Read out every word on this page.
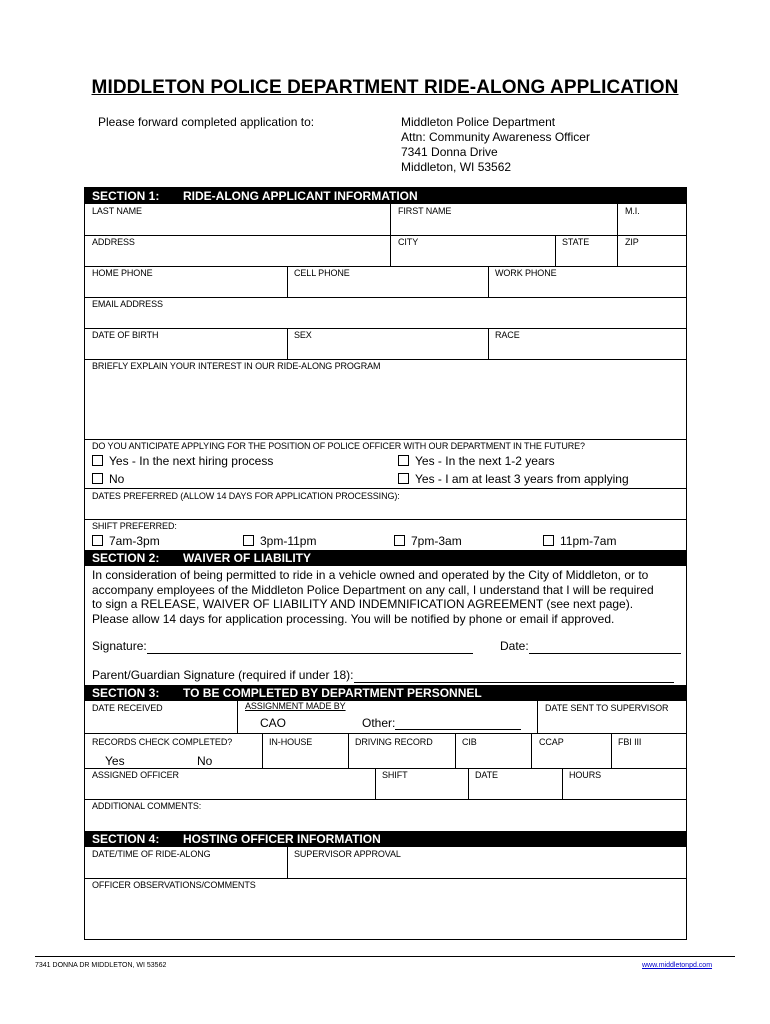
MIDDLETON POLICE DEPARTMENT RIDE-ALONG APPLICATION
Please forward completed application to:	Middleton Police Department
Attn: Community Awareness Officer
7341 Donna Drive
Middleton, WI 53562
SECTION 1: RIDE-ALONG APPLICANT INFORMATION
LAST NAME	FIRST NAME	M.I.
ADDRESS	CITY	STATE	ZIP
HOME PHONE	CELL PHONE	WORK PHONE
EMAIL ADDRESS
DATE OF BIRTH	SEX	RACE
BRIEFLY EXPLAIN YOUR INTEREST IN OUR RIDE-ALONG PROGRAM
DO YOU ANTICIPATE APPLYING FOR THE POSITION OF POLICE OFFICER WITH OUR DEPARTMENT IN THE FUTURE?
Yes - In the next hiring process	Yes - In the next 1-2 years
No	Yes - I am at least 3 years from applying
DATES PREFERRED (ALLOW 14 DAYS FOR APPLICATION PROCESSING):
SHIFT PREFERRED:
7am-3pm	3pm-11pm	7pm-3am	11pm-7am
SECTION 2: WAIVER OF LIABILITY
In consideration of being permitted to ride in a vehicle owned and operated by the City of Middleton, or to
accompany employees of the Middleton Police Department on any call, I understand that I will be required
to sign a RELEASE, WAIVER OF LIABILITY AND INDEMNIFICATION AGREEMENT (see next page).
Please allow 14 days for application processing. You will be notified by phone or email if approved.
Signature:	Date:
Parent/Guardian Signature (required if under 18):
SECTION 3: TO BE COMPLETED BY DEPARTMENT PERSONNEL
DATE RECEIVED	ASSIGNMENT MADE BY
CAO	Other:
DATE SENT TO SUPERVISOR
RECORDS CHECK COMPLETED?
Yes	No
IN-HOUSE	DRIVING RECORD	CIB	CCAP	FBI III
ASSIGNED OFFICER	SHIFT	DATE	HOURS
ADDITIONAL COMMENTS:
SECTION 4: HOSTING OFFICER INFORMATION
DATE/TIME OF RIDE-ALONG	SUPERVISOR APPROVAL
OFFICER OBSERVATIONS/COMMENTS
7341 DONNA DR MIDDLETON, WI 53562	www.middletonpd.com
